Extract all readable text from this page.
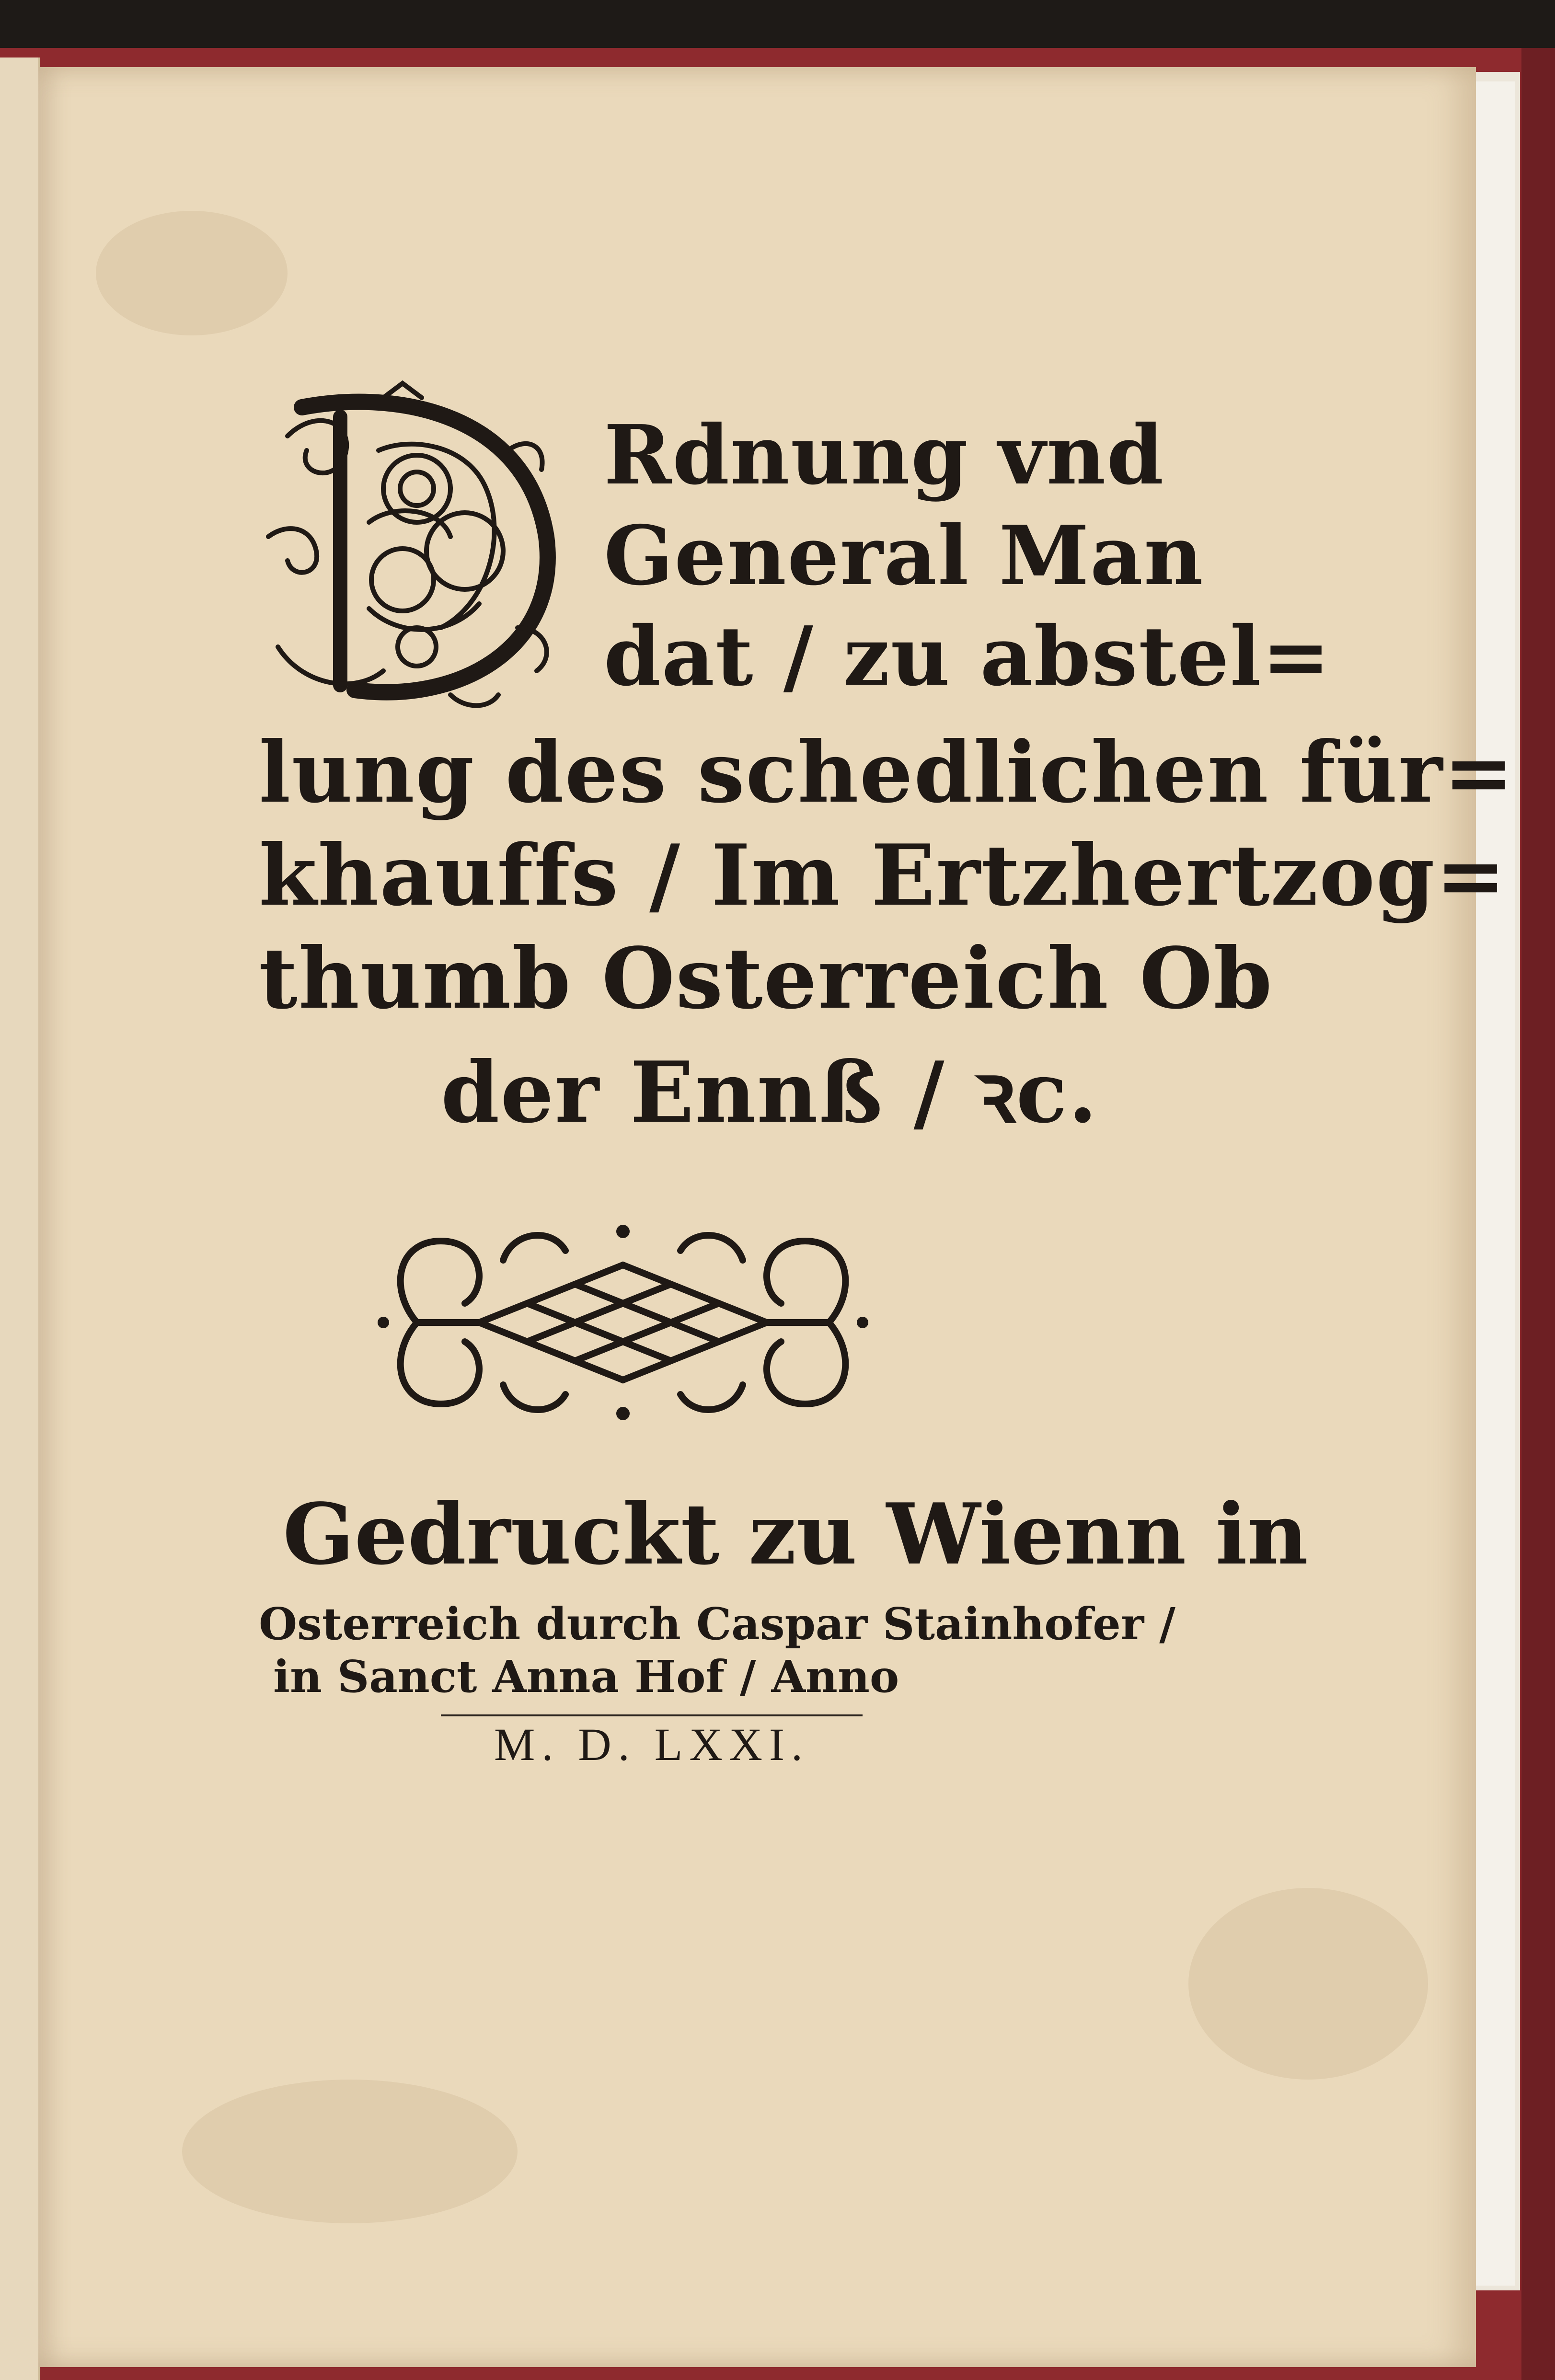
Rdnung vnd
General Man
dat / zu abstel=
lung des schedlichen für=
khauffs / Im Ertzhertzog=
thumb Osterreich Ob
der Ennß / ꝛc.
Gedruckt zu Wienn in
Osterreich durch Caspar Stainhofer /
in Sanct Anna Hof / Anno
M. D. LXXI.
